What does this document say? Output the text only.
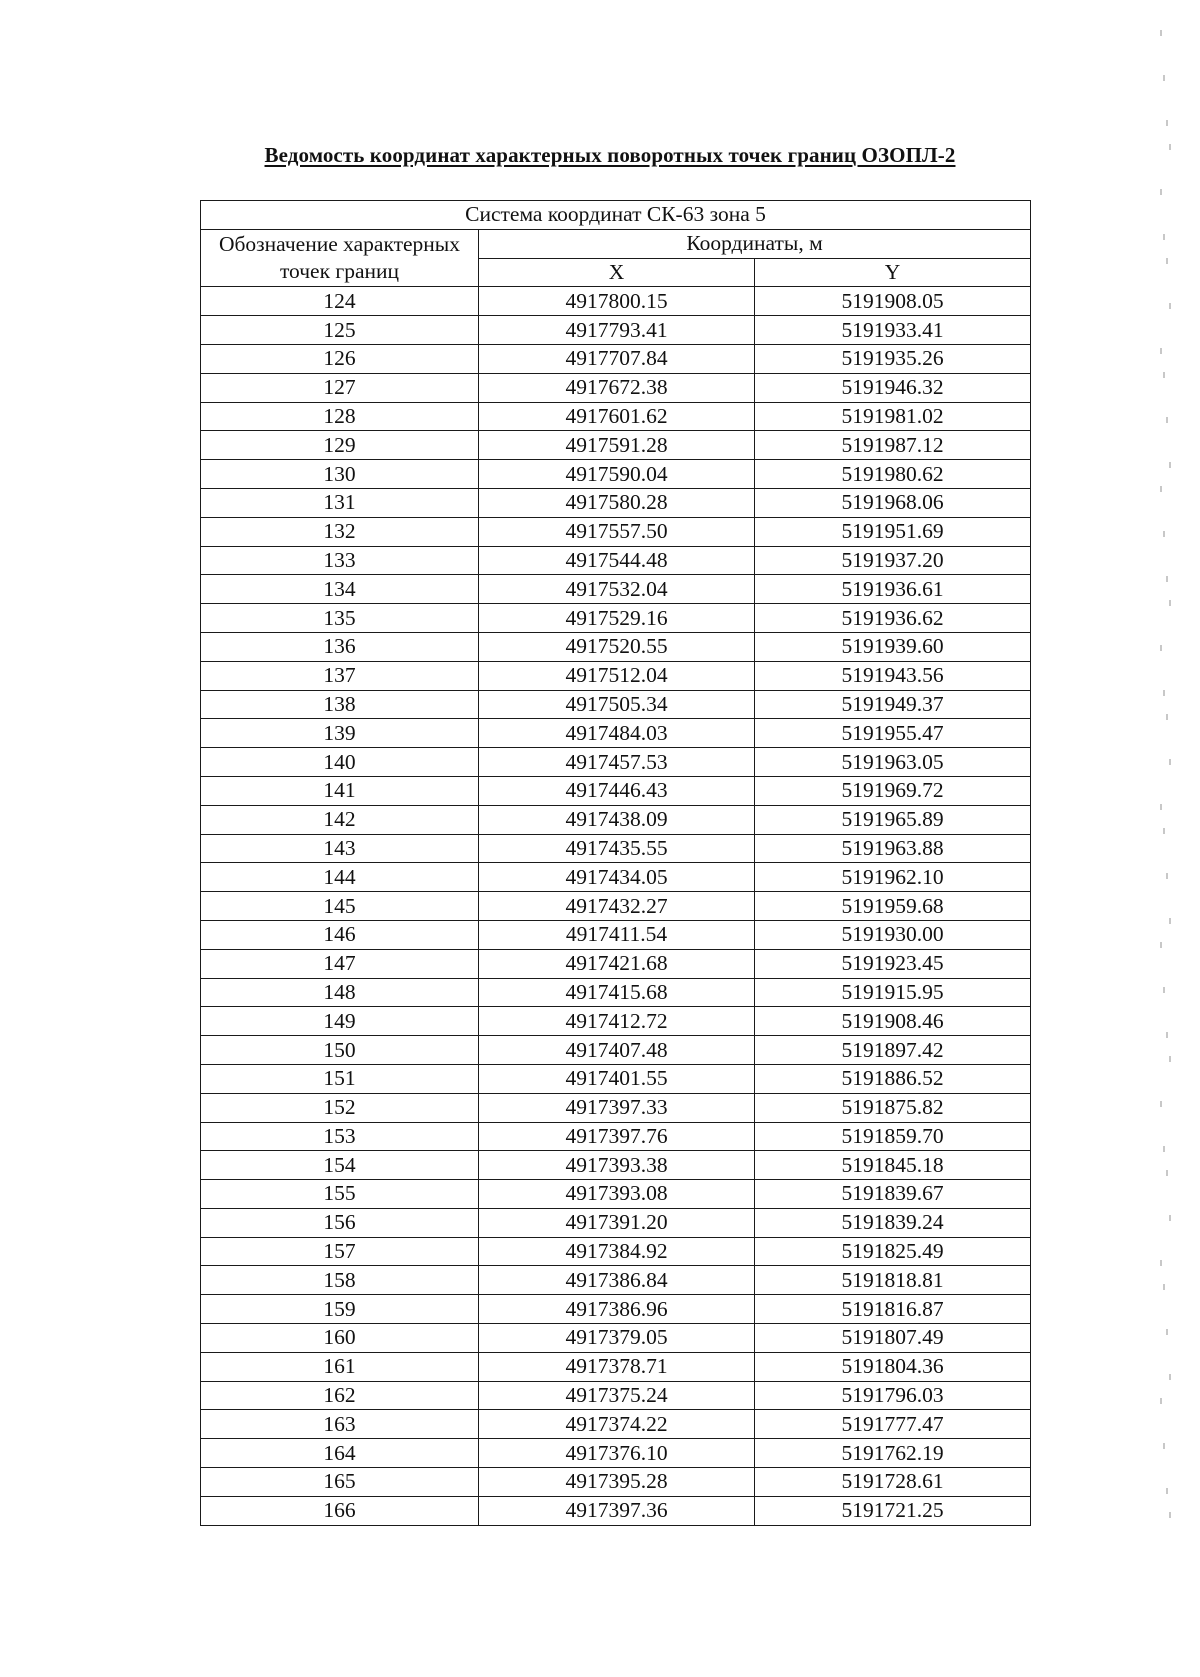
Ведомость координат характерных поворотных точек границ ОЗОПЛ-2
Система координат СК-63 зона 5		
Обозначение характерных точек границ	Координаты, м	
	X	Y
124	4917800.15	5191908.05
125	4917793.41	5191933.41
126	4917707.84	5191935.26
127	4917672.38	5191946.32
128	4917601.62	5191981.02
129	4917591.28	5191987.12
130	4917590.04	5191980.62
131	4917580.28	5191968.06
132	4917557.50	5191951.69
133	4917544.48	5191937.20
134	4917532.04	5191936.61
135	4917529.16	5191936.62
136	4917520.55	5191939.60
137	4917512.04	5191943.56
138	4917505.34	5191949.37
139	4917484.03	5191955.47
140	4917457.53	5191963.05
141	4917446.43	5191969.72
142	4917438.09	5191965.89
143	4917435.55	5191963.88
144	4917434.05	5191962.10
145	4917432.27	5191959.68
146	4917411.54	5191930.00
147	4917421.68	5191923.45
148	4917415.68	5191915.95
149	4917412.72	5191908.46
150	4917407.48	5191897.42
151	4917401.55	5191886.52
152	4917397.33	5191875.82
153	4917397.76	5191859.70
154	4917393.38	5191845.18
155	4917393.08	5191839.67
156	4917391.20	5191839.24
157	4917384.92	5191825.49
158	4917386.84	5191818.81
159	4917386.96	5191816.87
160	4917379.05	5191807.49
161	4917378.71	5191804.36
162	4917375.24	5191796.03
163	4917374.22	5191777.47
164	4917376.10	5191762.19
165	4917395.28	5191728.61
166	4917397.36	5191721.25
